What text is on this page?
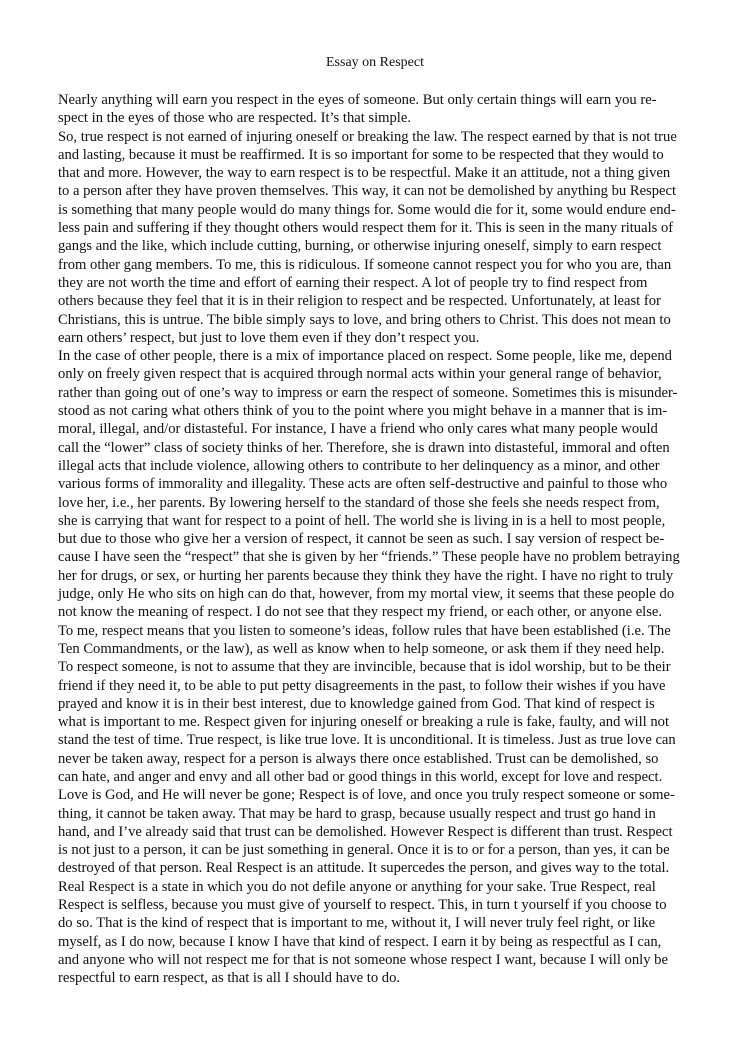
Essay on Respect

Nearly anything will earn you respect in the eyes of someone. But only certain things will earn you re-
spect in the eyes of those who are respected. It’s that simple.

So, true respect is not earned of injuring oneself or breaking the law. The respect earned by that is not true
and lasting, because it must be reaffirmed. It is so important for some to be respected that they would to
that and more. However, the way to earn respect is to be respectful. Make it an attitude, not a thing given
to a person after they have proven themselves. This way, it can not be demolished by anything bu Respect
is something that many people would do many things for. Some would die for it, some would endure end-
less pain and suffering if they thought others would respect them for it. This is seen in the many rituals of
gangs and the like, which include cutting, burning, or otherwise injuring oneself, simply to earn respect
from other gang members. To me, this is ridiculous. If someone cannot respect you for who you are, than
they are not worth the time and effort of earning their respect. A lot of people try to find respect from
others because they feel that it is in their religion to respect and be respected. Unfortunately, at least for
Christians, this is untrue. The bible simply says to love, and bring others to Christ. This does not mean to
earn others’ respect, but just to love them even if they don’t respect you.

In the case of other people, there is a mix of importance placed on respect. Some people, like me, depend
only on freely given respect that is acquired through normal acts within your general range of behavior,
rather than going out of one’s way to impress or earn the respect of someone. Sometimes this is misunder-
stood as not caring what others think of you to the point where you might behave in a manner that is im-
moral, illegal, and/or distasteful. For instance, I have a friend who only cares what many people would
call the “lower” class of society thinks of her. Therefore, she is drawn into distasteful, immoral and often
illegal acts that include violence, allowing others to contribute to her delinquency as a minor, and other
various forms of immorality and illegality. These acts are often self-destructive and painful to those who
love her, i.e., her parents. By lowering herself to the standard of those she feels she needs respect from,
she is carrying that want for respect to a point of hell. The world she is living in is a hell to most people,
but due to those who give her a version of respect, it cannot be seen as such. I say version of respect be-
cause I have seen the “respect” that she is given by her “friends.” These people have no problem betraying
her for drugs, or sex, or hurting her parents because they think they have the right. I have no right to truly
judge, only He who sits on high can do that, however, from my mortal view, it seems that these people do
not know the meaning of respect. I do not see that they respect my friend, or each other, or anyone else.

To me, respect means that you listen to someone’s ideas, follow rules that have been established (i.e. The
Ten Commandments, or the law), as well as know when to help someone, or ask them if they need help.
To respect someone, is not to assume that they are invincible, because that is idol worship, but to be their
friend if they need it, to be able to put petty disagreements in the past, to follow their wishes if you have
prayed and know it is in their best interest, due to knowledge gained from God. That kind of respect is
what is important to me. Respect given for injuring oneself or breaking a rule is fake, faulty, and will not
stand the test of time. True respect, is like true love. It is unconditional. It is timeless. Just as true love can
never be taken away, respect for a person is always there once established. Trust can be demolished, so
can hate, and anger and envy and all other bad or good things in this world, except for love and respect.
Love is God, and He will never be gone; Respect is of love, and once you truly respect someone or some-
thing, it cannot be taken away. That may be hard to grasp, because usually respect and trust go hand in
hand, and I’ve already said that trust can be demolished. However Respect is different than trust. Respect
is not just to a person, it can be just something in general. Once it is to or for a person, than yes, it can be
destroyed of that person. Real Respect is an attitude. It supercedes the person, and gives way to the total.
Real Respect is a state in which you do not defile anyone or anything for your sake. True Respect, real
Respect is selfless, because you must give of yourself to respect. This, in turn t yourself if you choose to
do so. That is the kind of respect that is important to me, without it, I will never truly feel right, or like
myself, as I do now, because I know I have that kind of respect. I earn it by being as respectful as I can,
and anyone who will not respect me for that is not someone whose respect I want, because I will only be
respectful to earn respect, as that is all I should have to do.
